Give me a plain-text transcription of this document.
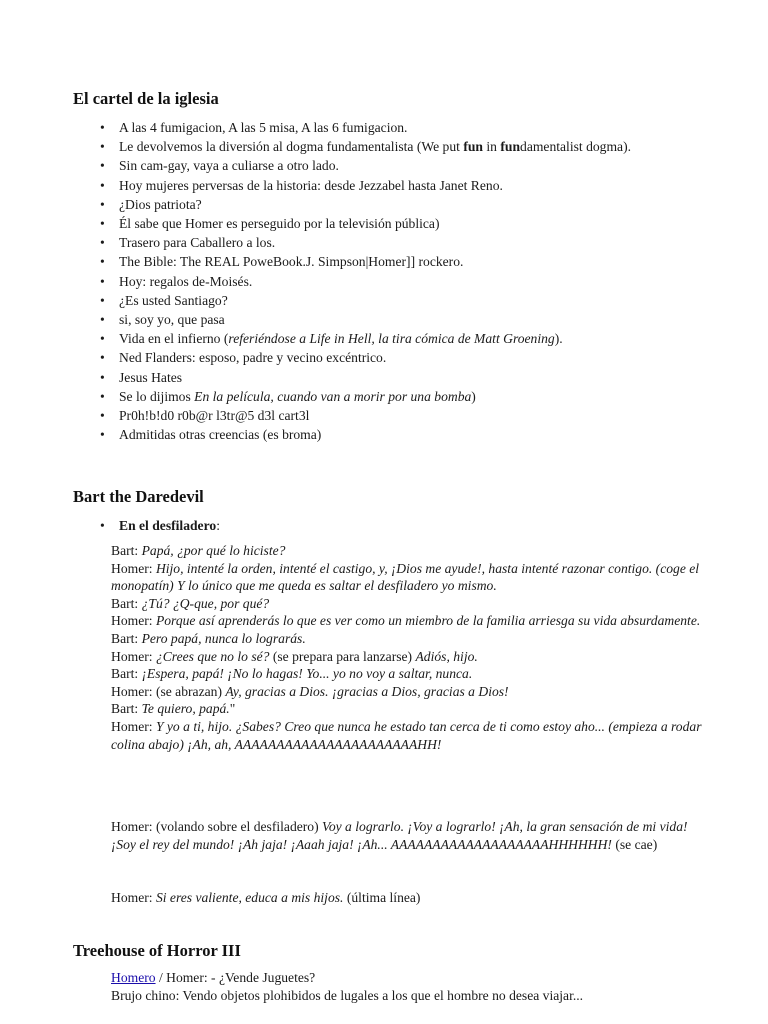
El cartel de la iglesia
• A las 4 fumigacion, A las 5 misa, A las 6 fumigacion.
• Le devolvemos la diversión al dogma fundamentalista (We put fun in fundamentalist dogma).
• Sin cam-gay, vaya a culiarse a otro lado.
• Hoy mujeres perversas de la historia: desde Jezzabel hasta Janet Reno.
• ¿Dios patriota?
• Él sabe que Homer es perseguido por la televisión pública)
• Trasero para Caballero a los.
• The Bible: The REAL PoweBook.J. Simpson|Homer]] rockero.
• Hoy: regalos de-Moisés.
• ¿Es usted Santiago?
• si, soy yo, que pasa
• Vida en el infierno (referiéndose a Life in Hell, la tira cómica de Matt Groening).
• Ned Flanders: esposo, padre y vecino excéntrico.
• Jesus Hates
• Se lo dijimos En la película, cuando van a morir por una bomba)
• Pr0h!b!d0 r0b@r l3tr@5 d3l cart3l
• Admitidas otras creencias (es broma)
Bart the Daredevil
• En el desfiladero:
Bart: Papá, ¿por qué lo hiciste?
Homer: Hijo, intenté la orden, intenté el castigo, y, ¡Dios me ayude!, hasta intenté razonar contigo. (coge el monopatín) Y lo único que me queda es saltar el desfiladero yo mismo.
Bart: ¿Tú? ¿Q-que, por qué?
Homer: Porque así aprenderás lo que es ver como un miembro de la familia arriesga su vida absurdamente.
Bart: Pero papá, nunca lo lograrás.
Homer: ¿Crees que no lo sé? (se prepara para lanzarse) Adiós, hijo.
Bart: ¡Espera, papá! ¡No lo hagas! Yo... yo no voy a saltar, nunca.
Homer: (se abrazan) Ay, gracias a Dios. ¡gracias a Dios, gracias a Dios!
Bart: Te quiero, papá."
Homer: Y yo a ti, hijo. ¿Sabes? Creo que nunca he estado tan cerca de ti como estoy aho... (empieza a rodar colina abajo) ¡Ah, ah, AAAAAAAAAAAAAAAAAAAAAAHH!
Homer: (volando sobre el desfiladero) Voy a lograrlo. ¡Voy a lograrlo! ¡Ah, la gran sensación de mi vida! ¡Soy el rey del mundo! ¡Ah jaja! ¡Aaah jaja! ¡Ah... AAAAAAAAAAAAAAAAAAAHHHHHH! (se cae)
Homer: Si eres valiente, educa a mis hijos. (última línea)
Treehouse of Horror III
Homero / Homer: - ¿Vende Juguetes?
Brujo chino: Vendo objetos plohibidos de lugales a los que el hombre no desea viajar...
